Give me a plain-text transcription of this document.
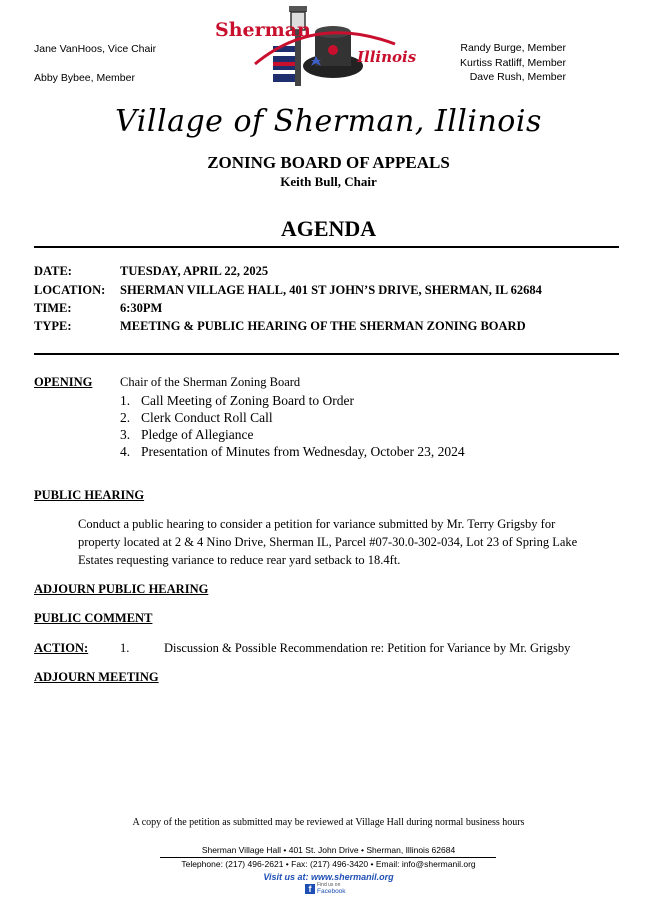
Jane VanHoos, Vice Chair
Abby Bybee, Member
Randy Burge, Member
Kurtiss Ratliff, Member
Dave Rush, Member
Sherman
Illinois
Village of Sherman, Illinois
ZONING BOARD OF APPEALS
Keith Bull, Chair
AGENDA
DATE:	TUESDAY, APRIL 22, 2025
LOCATION: SHERMAN VILLAGE HALL, 401 ST JOHN’S DRIVE, SHERMAN, IL 62684
TIME:	6:30PM
TYPE:	MEETING & PUBLIC HEARING OF THE SHERMAN ZONING BOARD
OPENING Chair of the Sherman Zoning Board
1. Call Meeting of Zoning Board to Order
2. Clerk Conduct Roll Call
3. Pledge of Allegiance
4. Presentation of Minutes from Wednesday, October 23, 2024
PUBLIC HEARING
Conduct a public hearing to consider a petition for variance submitted by Mr. Terry Grigsby for
property located at 2 & 4 Nino Drive, Sherman IL, Parcel #07-30.0-302-034, Lot 23 of Spring Lake
Estates requesting variance to reduce rear yard setback to 18.4ft.
ADJOURN PUBLIC HEARING
PUBLIC COMMENT
ACTION:	1.	Discussion & Possible Recommendation re: Petition for Variance by Mr. Grigsby
ADJOURN MEETING
A copy of the petition as submitted may be reviewed at Village Hall during normal business hours
Sherman Village Hall • 401 St. John Drive • Sherman, Illinois 62684
Telephone: (217) 496-2621 • Fax: (217) 496-3420 • Email: info@shermanil.org
Visit us at: www.shermanil.org
f	Find us on
Facebook
